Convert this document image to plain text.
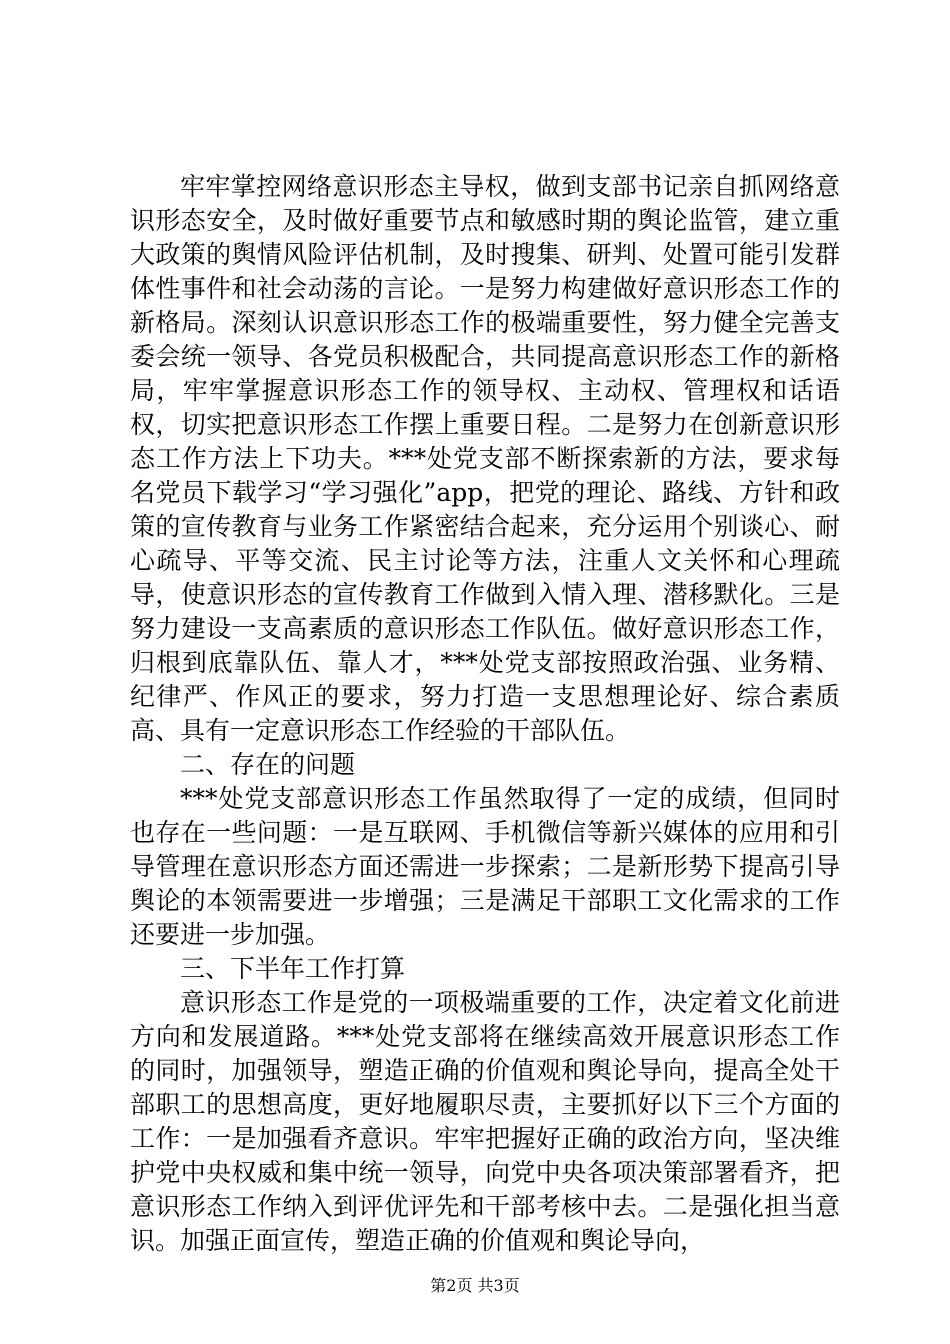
牢牢掌控网络意识形态主导权，做到支部书记亲自抓网络意识形态安全，及时做好重要节点和敏感时期的舆论监管，建立重大政策的舆情风险评估机制，及时搜集、研判、处置可能引发群体性事件和社会动荡的言论。一是努力构建做好意识形态工作的新格局。深刻认识意识形态工作的极端重要性，努力健全完善支委会统一领导、各党员积极配合，共同提高意识形态工作的新格局，牢牢掌握意识形态工作的领导权、主动权、管理权和话语权，切实把意识形态工作摆上重要日程。二是努力在创新意识形态工作方法上下功夫。***处党支部不断探索新的方法，要求每名党员下载学习“学习强化”app，把党的理论、路线、方针和政策的宣传教育与业务工作紧密结合起来，充分运用个别谈心、耐心疏导、平等交流、民主讨论等方法，注重人文关怀和心理疏导，使意识形态的宣传教育工作做到入情入理、潜移默化。三是努力建设一支高素质的意识形态工作队伍。做好意识形态工作，归根到底靠队伍、靠人才，***处党支部按照政治强、业务精、纪律严、作风正的要求，努力打造一支思想理论好、综合素质高、具有一定意识形态工作经验的干部队伍。

二、存在的问题

***处党支部意识形态工作虽然取得了一定的成绩，但同时也存在一些问题：一是互联网、手机微信等新兴媒体的应用和引导管理在意识形态方面还需进一步探索；二是新形势下提高引导舆论的本领需要进一步增强；三是满足干部职工文化需求的工作还要进一步加强。

三、下半年工作打算

意识形态工作是党的一项极端重要的工作，决定着文化前进方向和发展道路。***处党支部将在继续高效开展意识形态工作的同时，加强领导，塑造正确的价值观和舆论导向，提高全处干部职工的思想高度，更好地履职尽责，主要抓好以下三个方面的工作：一是加强看齐意识。牢牢把握好正确的政治方向，坚决维护党中央权威和集中统一领导，向党中央各项决策部署看齐，把意识形态工作纳入到评优评先和干部考核中去。二是强化担当意识。加强正面宣传，塑造正确的价值观和舆论导向，

第2页 共3页
